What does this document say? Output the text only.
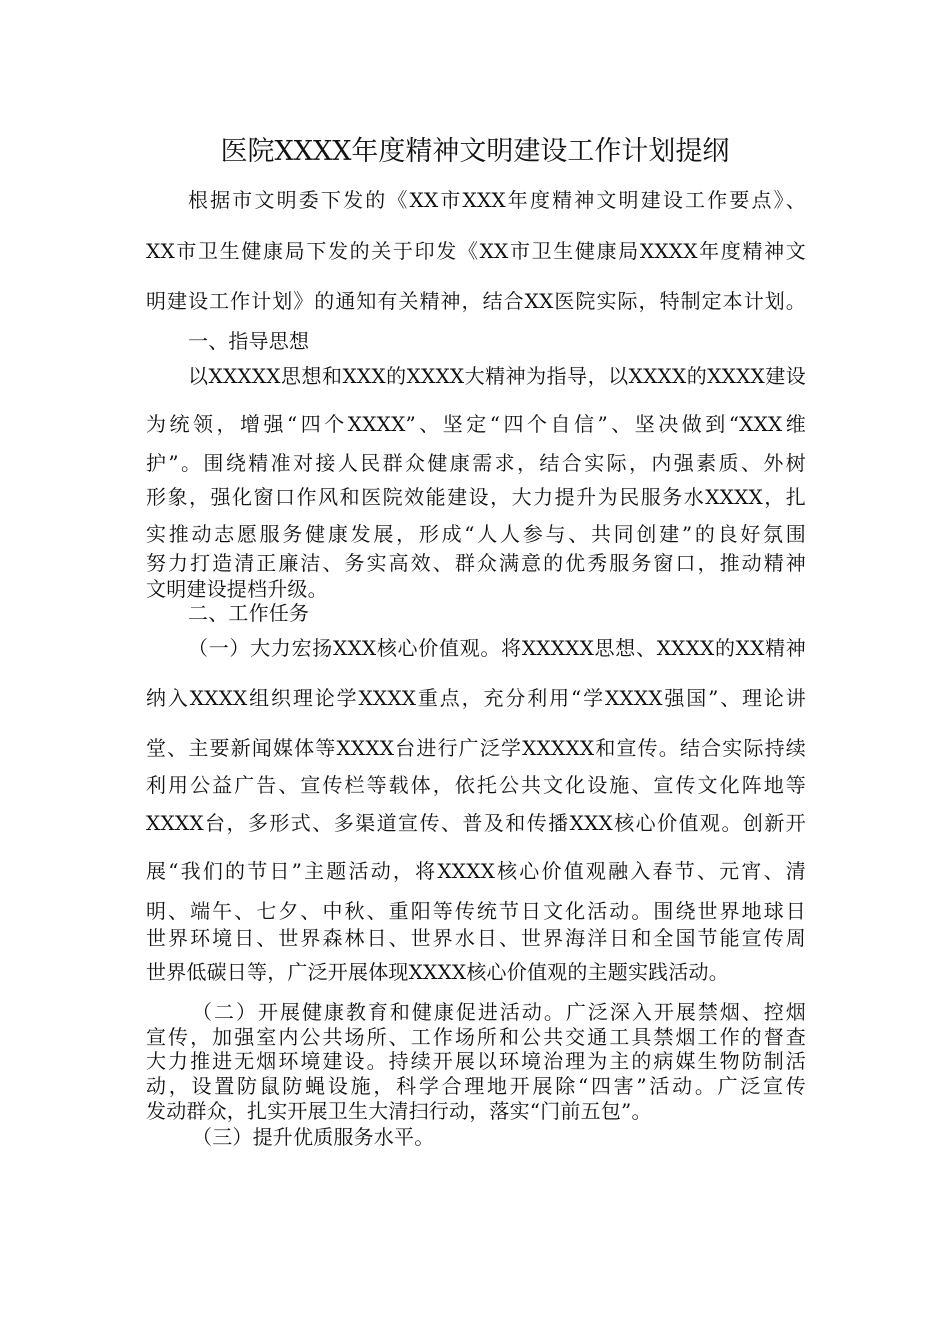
医院XXXX年度精神文明建设工作计划提纲
根据市文明委下发的《XX市XXX年度精神文明建设工作要点》、
XX市卫生健康局下发的关于印发《XX市卫生健康局XXXX年度精神文
明建设工作计划》的通知有关精神，结合XX医院实际，特制定本计划。
一、指导思想
以XXXXX思想和XXX的XXXX大精神为指导，以XXXX的XXXX建设
为统领，增强“四个XXXX”、坚定“四个自信”、坚决做到“XXX维
护”。围绕精准对接人民群众健康需求，结合实际，内强素质、外树
形象，强化窗口作风和医院效能建设，大力提升为民服务水XXXX，扎
实推动志愿服务健康发展，形成“人人参与、共同创建”的良好氛围
努力打造清正廉洁、务实高效、群众满意的优秀服务窗口，推动精神
文明建设提档升级。
二、工作任务
（一）大力宏扬XXX核心价值观。将XXXXX思想、XXXX的XX精神
纳入XXXX组织理论学XXXX重点，充分利用“学XXXX强国”、理论讲
堂、主要新闻媒体等XXXX台进行广泛学XXXXX和宣传。结合实际持续
利用公益广告、宣传栏等载体，依托公共文化设施、宣传文化阵地等
XXXX台，多形式、多渠道宣传、普及和传播XXX核心价值观。创新开
展“我们的节日”主题活动，将XXXX核心价值观融入春节、元宵、清
明、端午、七夕、中秋、重阳等传统节日文化活动。围绕世界地球日
世界环境日、世界森林日、世界水日、世界海洋日和全国节能宣传周
世界低碳日等，广泛开展体现XXXX核心价值观的主题实践活动。
（二）开展健康教育和健康促进活动。广泛深入开展禁烟、控烟
宣传，加强室内公共场所、工作场所和公共交通工具禁烟工作的督查
大力推进无烟环境建设。持续开展以环境治理为主的病媒生物防制活
动，设置防鼠防蝇设施，科学合理地开展除“四害”活动。广泛宣传
发动群众，扎实开展卫生大清扫行动，落实“门前五包”。
（三）提升优质服务水平。
